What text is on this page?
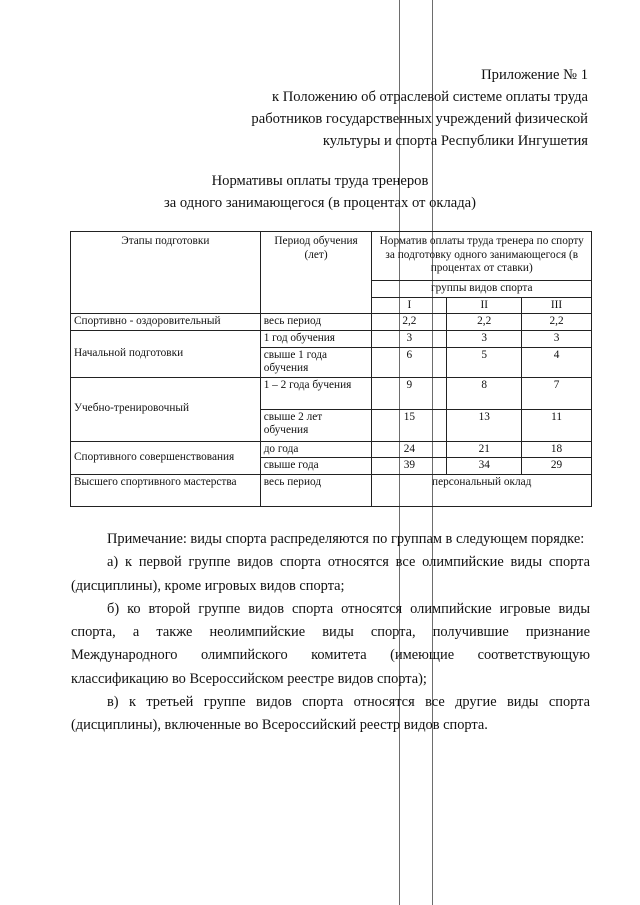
Приложение № 1
к Положению об отраслевой системе оплаты труда
работников государственных учреждений физической
культуры и спорта Республики Ингушетия
Нормативы оплаты труда тренеров
за одного занимающегося (в процентах от оклада)
Этапы подготовки	Период обучения (лет)	Норматив оплаты труда тренера по спорту за подготовку одного занимающегося (в процентах от ставки)		
		группы видов спорта		
		I	II	III
Спортивно - оздоровительный	весь период	2,2	2,2	2,2
Начальной подготовки	1 год обучения	3	3	3
	свыше 1 года обучения	6	5	4
Учебно-тренировочный	1 – 2 года бучения	9	8	7
	свыше 2 лет обучения	15	13	11
Спортивного совершенствования	до года	24	21	18
	свыше года	39	34	29
Высшего спортивного мастерства	весь период	персональный оклад		

Примечание: виды спорта распределяются по группам в следующем порядке:

а) к первой группе видов спорта относятся все олимпийские виды спорта (дисциплины), кроме игровых видов спорта;

б) ко второй группе видов спорта относятся олимпийские игровые виды спорта, а также неолимпийские виды спорта, получившие признание Международного олимпийского комитета (имеющие соответствующую классификацию во Всероссийском реестре видов спорта);

в) к третьей группе видов спорта относятся все другие виды спорта (дисциплины), включенные во Всероссийский реестр видов спорта.
